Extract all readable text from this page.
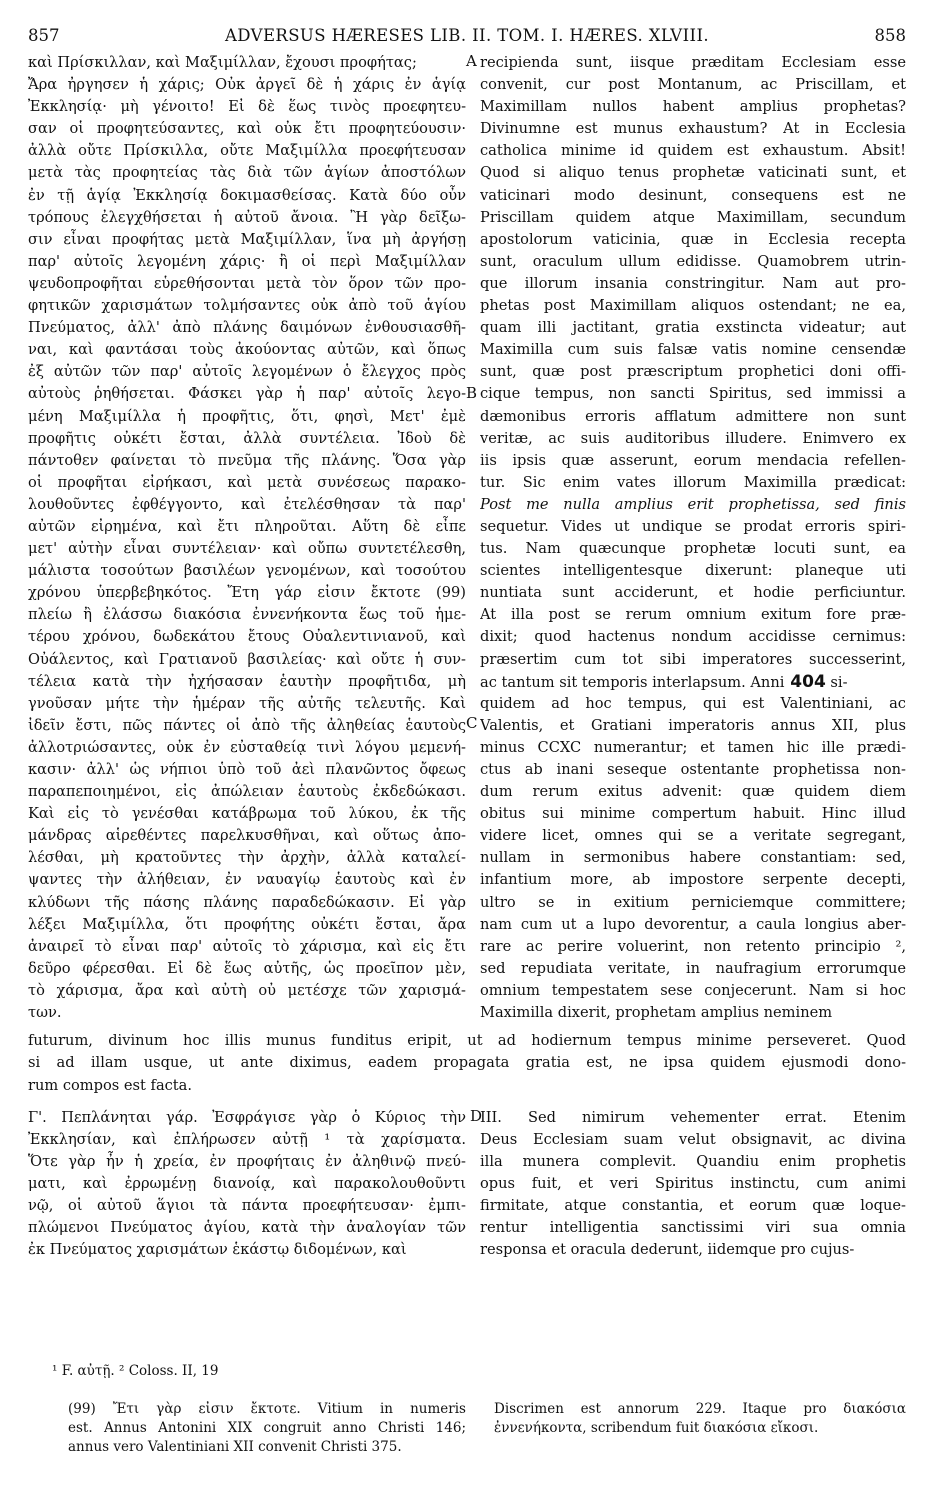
857	ADVERSUS HÆRESES LIB. II. TOM. I. HÆRES. XLVIII.	858
καὶ Πρίσκιλλαν, καὶ Μαξιμίλλαν, ἔχουσι προφήτας;
Ἄρα ἠργησεν ἡ χάρις; Οὐκ ἀργεῖ δὲ ἡ χάρις ἐν ἁγίᾳ
Ἐκκλησίᾳ· μὴ γένοιτο! Εἰ δὲ ἕως τινὸς προεφητευ-
σαν οἱ προφητεύσαντες, καὶ οὐκ ἔτι προφητεύουσιν·
ἀλλὰ οὔτε Πρίσκιλλα, οὔτε Μαξιμίλλα προεφήτευσαν
μετὰ τὰς προφητείας τὰς διὰ τῶν ἁγίων ἀποστόλων
ἐν τῇ ἁγίᾳ Ἐκκλησίᾳ δοκιμασθείσας. Κατὰ δύο οὖν
τρόπους ἐλεγχθήσεται ἡ αὐτοῦ ἄνοια. Ἢ γὰρ δεῖξω-
σιν εἶναι προφήτας μετὰ Μαξιμίλλαν, ἵνα μὴ ἀργήσῃ
παρ' αὐτοῖς λεγομένη χάρις· ἢ οἱ περὶ Μαξιμίλλαν
ψευδοπροφῆται εὑρεθήσονται μετὰ τὸν ὅρον τῶν προ-
φητικῶν χαρισμάτων τολμήσαντες οὐκ ἀπὸ τοῦ ἁγίου
Πνεύματος, ἀλλ' ἀπὸ πλάνης δαιμόνων ἐνθουσιασθῆ-
ναι, καὶ φαντάσαι τοὺς ἀκούοντας αὐτῶν, καὶ ὅπως
ἐξ αὐτῶν τῶν παρ' αὐτοῖς λεγομένων ὁ ἔλεγχος πρὸς
αὐτοὺς ῥηθήσεται. Φάσκει γὰρ ἡ παρ' αὐτοῖς λεγο-
μένη Μαξιμίλλα ἡ προφῆτις, ὅτι, φησὶ, Μετ' ἐμὲ
προφῆτις οὐκέτι ἔσται, ἀλλὰ συντέλεια. Ἰδοὺ δὲ
πάντοθεν φαίνεται τὸ πνεῦμα τῆς πλάνης. Ὅσα γὰρ
οἱ προφῆται εἰρήκασι, καὶ μετὰ συνέσεως παρακο-
λουθοῦντες ἐφθέγγοντο, καὶ ἐτελέσθησαν τὰ παρ'
αὐτῶν εἰρημένα, καὶ ἔτι πληροῦται. Αὕτη δὲ εἶπε
μετ' αὐτὴν εἶναι συντέλειαν· καὶ οὔπω συντετέλεσθη,
μάλιστα τοσούτων βασιλέων γενομένων, καὶ τοσούτου
χρόνου ὑπερβεβηκότος. Ἔτη γάρ εἰσιν ἔκτοτε (99)
πλείω ἢ ἐλάσσω διακόσια ἐννενήκοντα ἕως τοῦ ἡμε-
τέρου χρόνου, δωδεκάτου ἔτους Οὐαλεντινιανοῦ, καὶ
Οὐάλεντος, καὶ Γρατιανοῦ βασιλείας· καὶ οὔτε ἡ συν-
τέλεια κατὰ τὴν ἠχήσασαν ἑαυτὴν προφῆτιδα, μὴ
γνοῦσαν μήτε τὴν ἡμέραν τῆς αὐτῆς τελευτῆς. Καὶ
ἰδεῖν ἔστι, πῶς πάντες οἱ ἀπὸ τῆς ἀληθείας ἑαυτοὺς
ἀλλοτριώσαντες, οὐκ ἐν εὐσταθείᾳ τινὶ λόγου μεμενή-
κασιν· ἀλλ' ὡς νήπιοι ὑπὸ τοῦ ἀεὶ πλανῶντος ὄφεως
παραπεποιημένοι, εἰς ἀπώλειαν ἑαυτοὺς ἐκδεδώκασι.
Καὶ εἰς τὸ γενέσθαι κατάβρωμα τοῦ λύκου, ἐκ τῆς
μάνδρας αἱρεθέντες παρελκυσθῆναι, καὶ οὕτως ἀπο-
λέσθαι, μὴ κρατοῦντες τὴν ἀρχὴν, ἀλλὰ καταλεί-
ψαντες τὴν ἀλήθειαν, ἐν ναυαγίῳ ἑαυτοὺς καὶ ἐν
κλύδωνι τῆς πάσης πλάνης παραδεδώκασιν. Εἰ γὰρ
λέξει Μαξιμίλλα, ὅτι προφήτης οὐκέτι ἔσται, ἄρα
ἀναιρεῖ τὸ εἶναι παρ' αὐτοῖς τὸ χάρισμα, καὶ εἰς ἔτι
δεῦρο φέρεσθαι. Εἰ δὲ ἕως αὐτῆς, ὡς προεῖπον μὲν,
τὸ χάρισμα, ἄρα καὶ αὐτὴ οὐ μετέσχε τῶν χαρισμά-
των.
recipienda sunt, iisque præditam Ecclesiam esse
convenit, cur post Montanum, ac Priscillam, et
Maximillam nullos habent amplius prophetas?
Divinumne est munus exhaustum? At in Ecclesia
catholica minime id quidem est exhaustum. Absit!
Quod si aliquo tenus prophetæ vaticinati sunt, et
vaticinari modo desinunt, consequens est ne
Priscillam quidem atque Maximillam, secundum
apostolorum vaticinia, quæ in Ecclesia recepta
sunt, oraculum ullum edidisse. Quamobrem utrin-
que illorum insania constringitur. Nam aut pro-
phetas post Maximillam aliquos ostendant; ne ea,
quam illi jactitant, gratia exstincta videatur; aut
Maximilla cum suis falsæ vatis nomine censendæ
sunt, quæ post præscriptum prophetici doni offi-
cique tempus, non sancti Spiritus, sed immissi a
dæmonibus erroris afflatum admittere non sunt
veritæ, ac suis auditoribus illudere. Enimvero ex
iis ipsis quæ asserunt, eorum mendacia refellen-
tur. Sic enim vates illorum Maximilla prædicat:
Post me nulla amplius erit prophetissa, sed finis
sequetur. Vides ut undique se prodat erroris spiri-
tus. Nam quæcunque prophetæ locuti sunt, ea
scientes intelligentesque dixerunt: planeque uti
nuntiata sunt acciderunt, et hodie perficiuntur.
At illa post se rerum omnium exitum fore præ-
dixit; quod hactenus nondum accidisse cernimus:
præsertim cum tot sibi imperatores successerint,
ac tantum sit temporis interlapsum. Anni 404 si-
quidem ad hoc tempus, qui est Valentiniani, ac
Valentis, et Gratiani imperatoris annus XII, plus
minus CCXC numerantur; et tamen hic ille prædi-
ctus ab inani seseque ostentante prophetissa non-
dum rerum exitus advenit: quæ quidem diem
obitus sui minime compertum habuit. Hinc illud
videre licet, omnes qui se a veritate segregant,
nullam in sermonibus habere constantiam: sed,
infantium more, ab impostore serpente decepti,
ultro se in exitium perniciemque committere;
nam cum ut a lupo devorentur, a caula longius aber-
rare ac perire voluerint, non retento principio ²,
sed repudiata veritate, in naufragium errorumque
omnium tempestatem sese conjecerunt. Nam si hoc
Maximilla dixerit, prophetam amplius neminem
A
B
C
futurum, divinum hoc illis munus funditus eripit, ut ad hodiernum tempus minime perseveret. Quod
si ad illam usque, ut ante diximus, eadem propagata gratia est, ne ipsa quidem ejusmodi dono-
rum compos est facta.
Γ'. Πεπλάνηται γάρ. Ἐσφράγισε γὰρ ὁ Κύριος τὴν
Ἐκκλησίαν, καὶ ἐπλήρωσεν αὐτῇ ¹ τὰ χαρίσματα.
Ὅτε γὰρ ἦν ἡ χρεία, ἐν προφήταις ἐν ἀληθινῷ πνεύ-
ματι, καὶ ἐρρωμένῃ διανοίᾳ, καὶ παρακολουθοῦντι
νῷ, οἱ αὐτοῦ ἅγιοι τὰ πάντα προεφήτευσαν· ἐμπι-
πλώμενοι Πνεύματος ἁγίου, κατὰ τὴν ἀναλογίαν τῶν
ἐκ Πνεύματος χαρισμάτων ἑκάστῳ διδομένων, καὶ
III. Sed nimirum vehementer errat. Etenim
Deus Ecclesiam suam velut obsignavit, ac divina
illa munera complevit. Quandiu enim prophetis
opus fuit, et veri Spiritus instinctu, cum animi
firmitate, atque constantia, et eorum quæ loque-
rentur intelligentia sanctissimi viri sua omnia
responsa et oracula dederunt, iidemque pro cujus-
D
¹ F. αὐτῇ. ² Coloss. II, 19
(99) Ἔτι γὰρ εἰσιν ἔκτοτε. Vitium in numeris
est. Annus Antonini XIX congruit anno Christi 146;
annus vero Valentiniani XII convenit Christi 375.
Discrimen est annorum 229. Itaque pro διακόσια
ἐννενήκοντα, scribendum fuit διακόσια εἴκοσι.
